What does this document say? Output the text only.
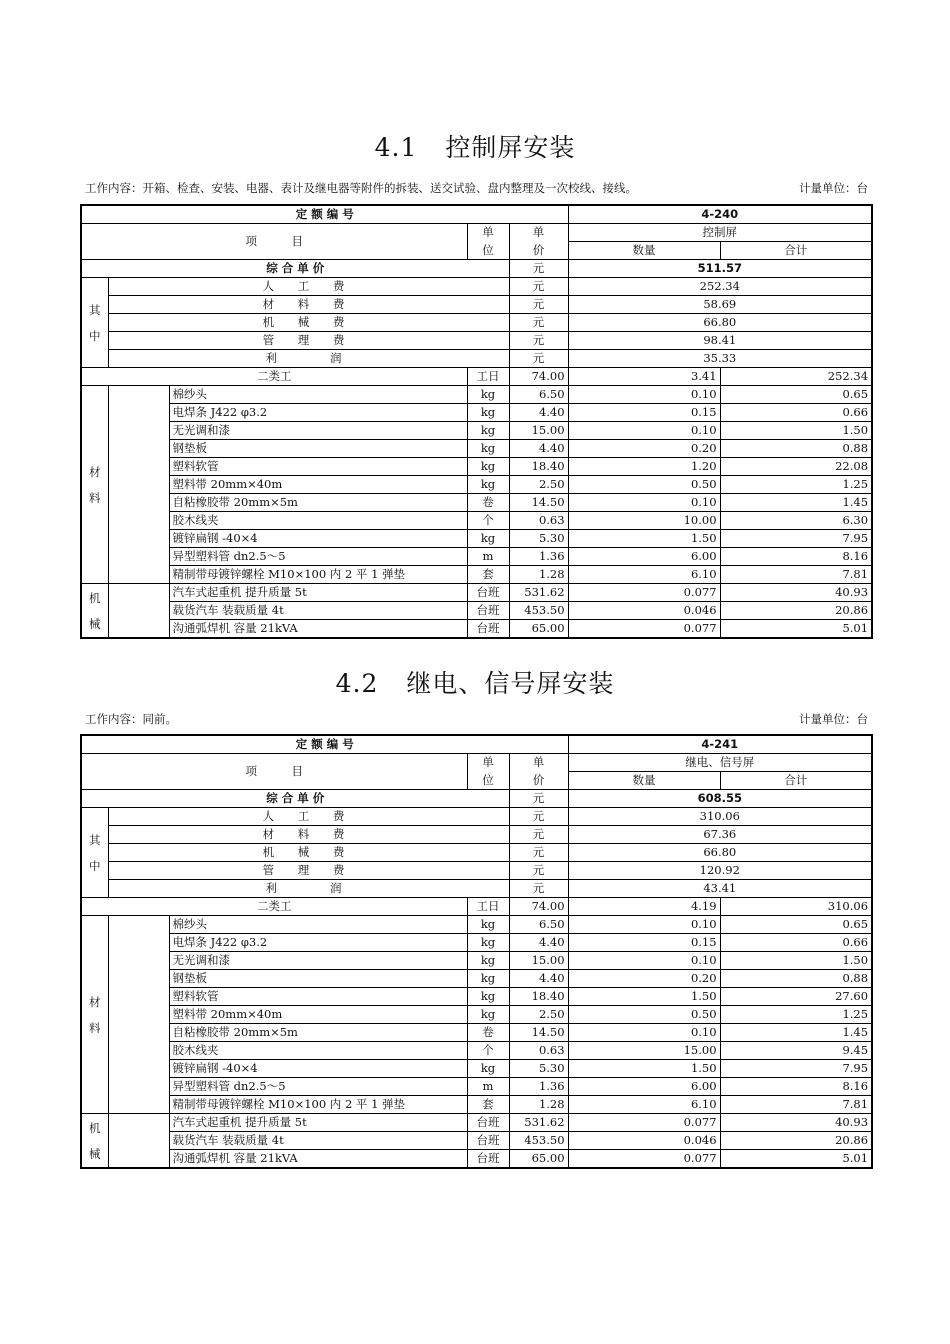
4.1 控制屏安装
工作内容：开箱、检查、安装、电器、表计及继电器等附件的拆装、送交试验、盘内整理及一次校线、接线。	计量单位：台
定 额 编 号					4-240	
项　　　目			单	单	控制屏	
			位	价	数量	合计
综 合 单 价				元	511.57	
其
中	人 工 费			元	252.34	
	材 料 费			元	58.69	
	机 械 费			元	66.80	
	管 理 费			元	98.41	
	利　　润			元	35.33	
二类工			工日	74.00	3.41	252.34
材
料		棉纱头	kg	6.50	0.10	0.65
		电焊条 J422 φ3.2	kg	4.40	0.15	0.66
		无光调和漆	kg	15.00	0.10	1.50
		钢垫板	kg	4.40	0.20	0.88
		塑料软管	kg	18.40	1.20	22.08
		塑料带 20mm×40m	kg	2.50	0.50	1.25
		自粘橡胶带 20mm×5m	卷	14.50	0.10	1.45
		胶木线夹	个	0.63	10.00	6.30
		镀锌扁钢 -40×4	kg	5.30	1.50	7.95
		异型塑料管 dn2.5～5	m	1.36	6.00	8.16
		精制带母镀锌螺栓 M10×100 内 2 平 1 弹垫	套	1.28	6.10	7.81
机
械		汽车式起重机 提升质量 5t	台班	531.62	0.077	40.93
		载货汽车 装载质量 4t	台班	453.50	0.046	20.86
		沟通弧焊机 容量 21kVA	台班	65.00	0.077	5.01
4.2 继电、信号屏安装
工作内容：同前。	计量单位：台
定 额 编 号					4-241	
项　　　目			单	单	继电、信号屏	
			位	价	数量	合计
综 合 单 价				元	608.55	
其
中	人 工 费			元	310.06	
	材 料 费			元	67.36	
	机 械 费			元	66.80	
	管 理 费			元	120.92	
	利　　润			元	43.41	
二类工			工日	74.00	4.19	310.06
材
料		棉纱头	kg	6.50	0.10	0.65
		电焊条 J422 φ3.2	kg	4.40	0.15	0.66
		无光调和漆	kg	15.00	0.10	1.50
		钢垫板	kg	4.40	0.20	0.88
		塑料软管	kg	18.40	1.50	27.60
		塑料带 20mm×40m	kg	2.50	0.50	1.25
		自粘橡胶带 20mm×5m	卷	14.50	0.10	1.45
		胶木线夹	个	0.63	15.00	9.45
		镀锌扁钢 -40×4	kg	5.30	1.50	7.95
		异型塑料管 dn2.5～5	m	1.36	6.00	8.16
		精制带母镀锌螺栓 M10×100 内 2 平 1 弹垫	套	1.28	6.10	7.81
机
械		汽车式起重机 提升质量 5t	台班	531.62	0.077	40.93
		载货汽车 装载质量 4t	台班	453.50	0.046	20.86
		沟通弧焊机 容量 21kVA	台班	65.00	0.077	5.01
